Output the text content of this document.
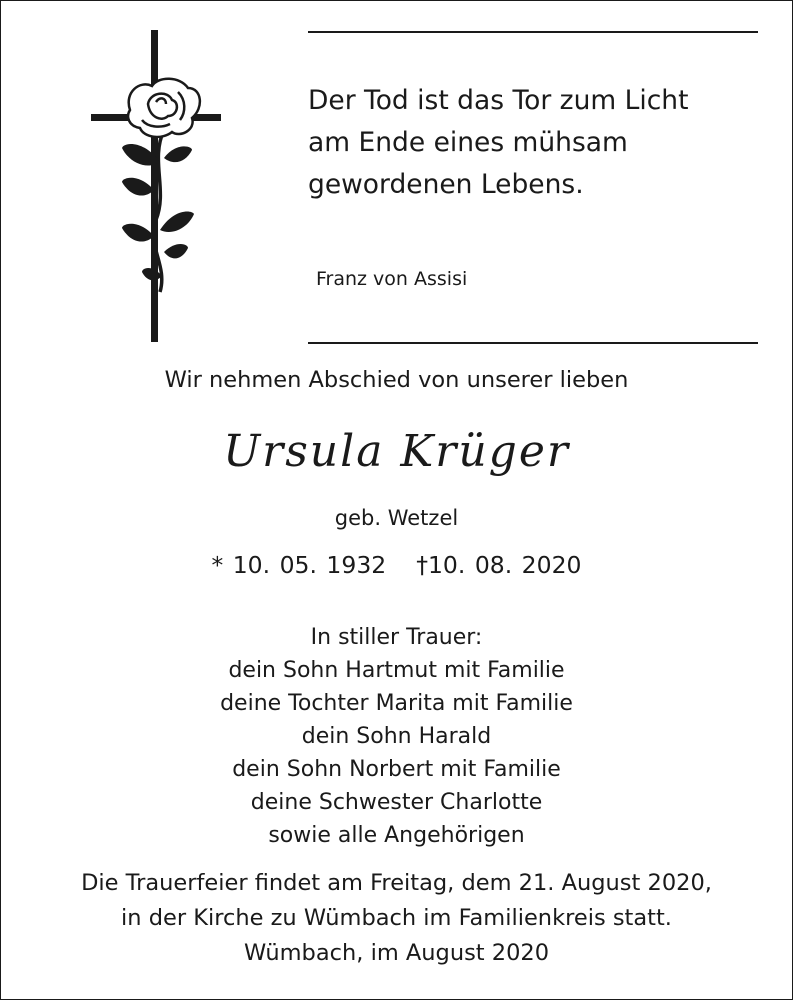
Der Tod ist das Tor zum Licht
am Ende eines mühsam
gewordenen Lebens.
Franz von Assisi
Wir nehmen Abschied von unserer lieben
Ursula Krüger
geb. Wetzel
* 10. 05. 1932 †10. 08. 2020
In stiller Trauer:
dein Sohn Hartmut mit Familie
deine Tochter Marita mit Familie
dein Sohn Harald
dein Sohn Norbert mit Familie
deine Schwester Charlotte
sowie alle Angehörigen
Die Trauerfeier findet am Freitag, dem 21. August 2020,
in der Kirche zu Wümbach im Familienkreis statt.
Wümbach, im August 2020
